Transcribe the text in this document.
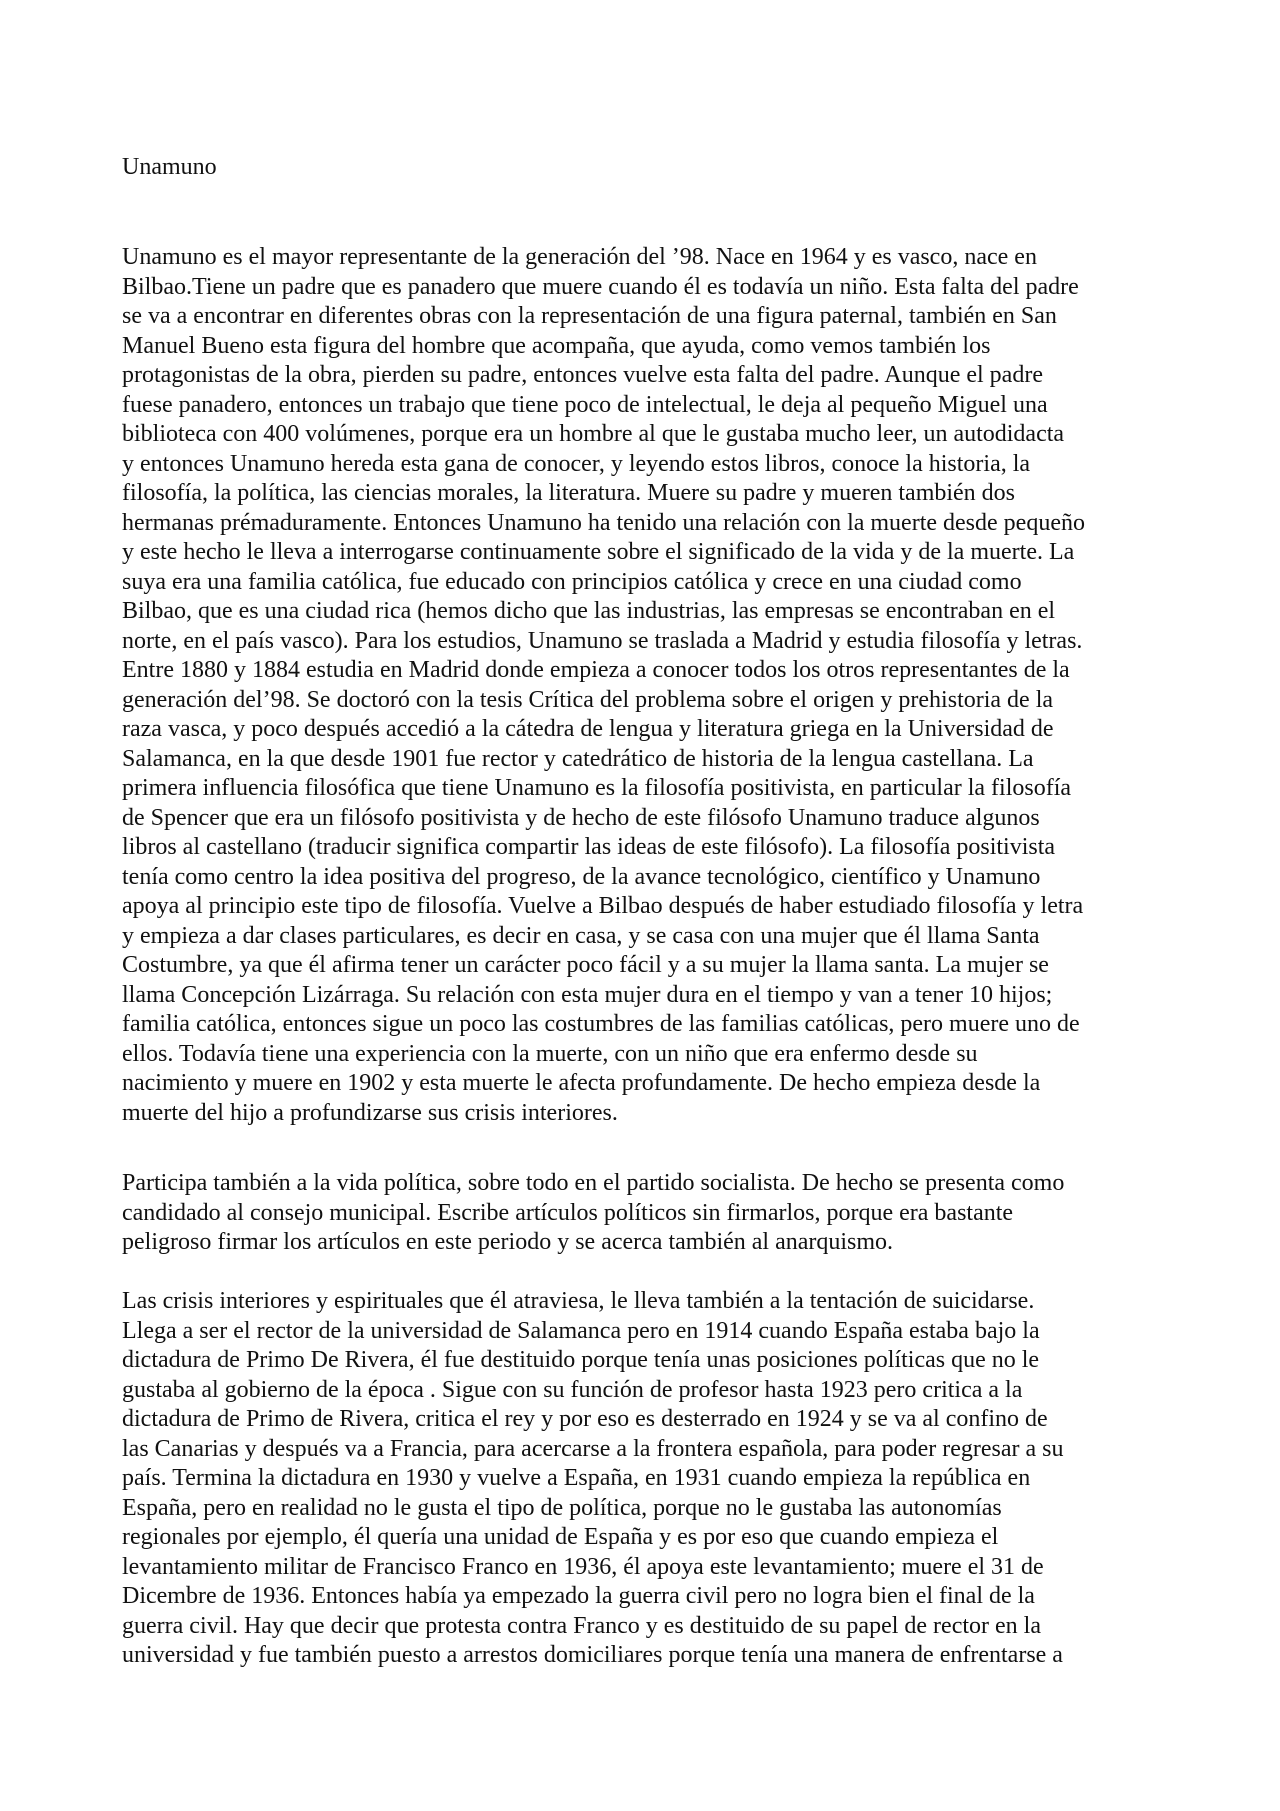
Unamuno
Unamuno es el mayor representante de la generación del ’98. Nace en 1964 y es vasco, nace en
Bilbao.Tiene un padre que es panadero que muere cuando él es todavía un niño. Esta falta del padre
se va a encontrar en diferentes obras con la representación de una figura paternal, también en San
Manuel Bueno esta figura del hombre que acompaña, que ayuda, como vemos también los
protagonistas de la obra, pierden su padre, entonces vuelve esta falta del padre. Aunque el padre
fuese panadero, entonces un trabajo que tiene poco de intelectual, le deja al pequeño Miguel una
biblioteca con 400 volúmenes, porque era un hombre al que le gustaba mucho leer, un autodidacta
y entonces Unamuno hereda esta gana de conocer, y leyendo estos libros, conoce la historia, la
filosofía, la política, las ciencias morales, la literatura. Muere su padre y mueren también dos
hermanas prémaduramente. Entonces Unamuno ha tenido una relación con la muerte desde pequeño
y este hecho le lleva a interrogarse continuamente sobre el significado de la vida y de la muerte. La
suya era una familia católica, fue educado con principios católica y crece en una ciudad como
Bilbao, que es una ciudad rica (hemos dicho que las industrias, las empresas se encontraban en el
norte, en el país vasco). Para los estudios, Unamuno se traslada a Madrid y estudia filosofía y letras.
Entre 1880 y 1884 estudia en Madrid donde empieza a conocer todos los otros representantes de la
generación del’98. Se doctoró con la tesis Crítica del problema sobre el origen y prehistoria de la
raza vasca, y poco después accedió a la cátedra de lengua y literatura griega en la Universidad de
Salamanca, en la que desde 1901 fue rector y catedrático de historia de la lengua castellana. La
primera influencia filosófica que tiene Unamuno es la filosofía positivista, en particular la filosofía
de Spencer que era un filósofo positivista y de hecho de este filósofo Unamuno traduce algunos
libros al castellano (traducir significa compartir las ideas de este filósofo). La filosofía positivista
tenía como centro la idea positiva del progreso, de la avance tecnológico, científico y Unamuno
apoya al principio este tipo de filosofía. Vuelve a Bilbao después de haber estudiado filosofía y letra
y empieza a dar clases particulares, es decir en casa, y se casa con una mujer que él llama Santa
Costumbre, ya que él afirma tener un carácter poco fácil y a su mujer la llama santa. La mujer se
llama Concepción Lizárraga. Su relación con esta mujer dura en el tiempo y van a tener 10 hijos;
familia católica, entonces sigue un poco las costumbres de las familias católicas, pero muere uno de
ellos. Todavía tiene una experiencia con la muerte, con un niño que era enfermo desde su
nacimiento y muere en 1902 y esta muerte le afecta profundamente. De hecho empieza desde la
muerte del hijo a profundizarse sus crisis interiores.
Participa también a la vida política, sobre todo en el partido socialista. De hecho se presenta como
candidado al consejo municipal. Escribe artículos políticos sin firmarlos, porque era bastante
peligroso firmar los artículos en este periodo y se acerca también al anarquismo.
Las crisis interiores y espirituales que él atraviesa, le lleva también a la tentación de suicidarse.
Llega a ser el rector de la universidad de Salamanca pero en 1914 cuando España estaba bajo la
dictadura de Primo De Rivera, él fue destituido porque tenía unas posiciones políticas que no le
gustaba al gobierno de la época . Sigue con su función de profesor hasta 1923 pero critica a la
dictadura de Primo de Rivera, critica el rey y por eso es desterrado en 1924 y se va al confino de
las Canarias y después va a Francia, para acercarse a la frontera española, para poder regresar a su
país. Termina la dictadura en 1930 y vuelve a España, en 1931 cuando empieza la república en
España, pero en realidad no le gusta el tipo de política, porque no le gustaba las autonomías
regionales por ejemplo, él quería una unidad de España y es por eso que cuando empieza el
levantamiento militar de Francisco Franco en 1936, él apoya este levantamiento; muere el 31 de
Dicembre de 1936. Entonces había ya empezado la guerra civil pero no logra bien el final de la
guerra civil. Hay que decir que protesta contra Franco y es destituido de su papel de rector en la
universidad y fue también puesto a arrestos domiciliares porque tenía una manera de enfrentarse a
